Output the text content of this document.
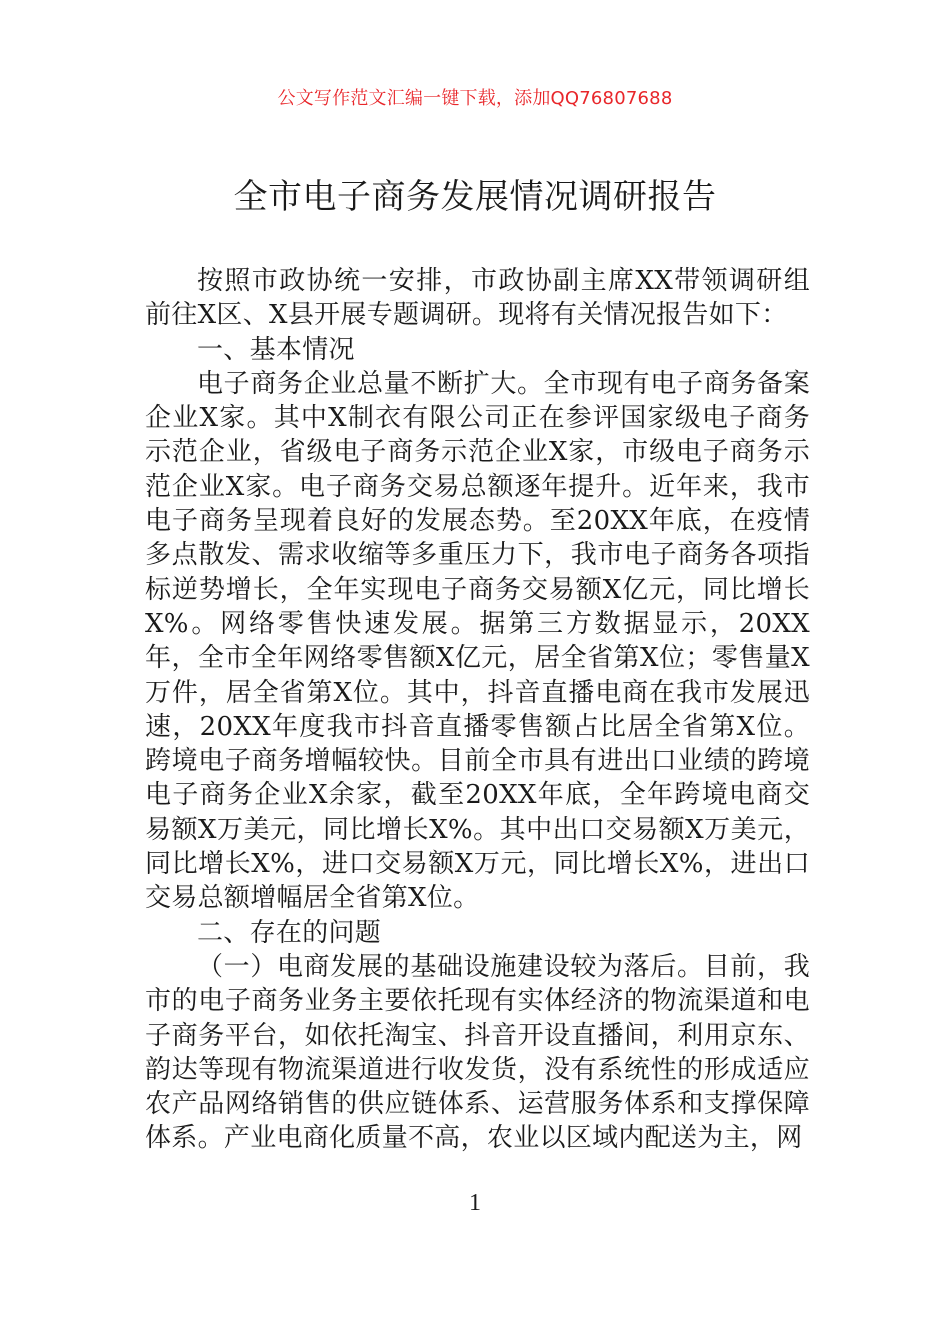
公文写作范文汇编一键下载，添加QQ76807688
全市电子商务发展情况调研报告

按照市政协统一安排，市政协副主席XX带领调研组前往X区、X县开展专题调研。现将有关情况报告如下：

一、基本情况

电子商务企业总量不断扩大。全市现有电子商务备案企业X家。其中X制衣有限公司正在参评国家级电子商务示范企业，省级电子商务示范企业X家，市级电子商务示范企业X家。电子商务交易总额逐年提升。近年来，我市电子商务呈现着良好的发展态势。至20XX年底，在疫情多点散发、需求收缩等多重压力下，我市电子商务各项指标逆势增长，全年实现电子商务交易额X亿元，同比增长X%。网络零售快速发展。据第三方数据显示，20XX年，全市全年网络零售额X亿元，居全省第X位；零售量X万件，居全省第X位。其中，抖音直播电商在我市发展迅速，20XX年度我市抖音直播零售额占比居全省第X位。跨境电子商务增幅较快。目前全市具有进出口业绩的跨境电子商务企业X余家，截至20XX年底，全年跨境电商交易额X万美元，同比增长X%。其中出口交易额X万美元，同比增长X%，进口交易额X万元，同比增长X%，进出口交易总额增幅居全省第X位。

二、存在的问题

（一）电商发展的基础设施建设较为落后。目前，我市的电子商务业务主要依托现有实体经济的物流渠道和电子商务平台，如依托淘宝、抖音开设直播间，利用京东、韵达等现有物流渠道进行收发货，没有系统性的形成适应农产品网络销售的供应链体系、运营服务体系和支撑保障体系。产业电商化质量不高，农业以区域内配送为主，网

1
